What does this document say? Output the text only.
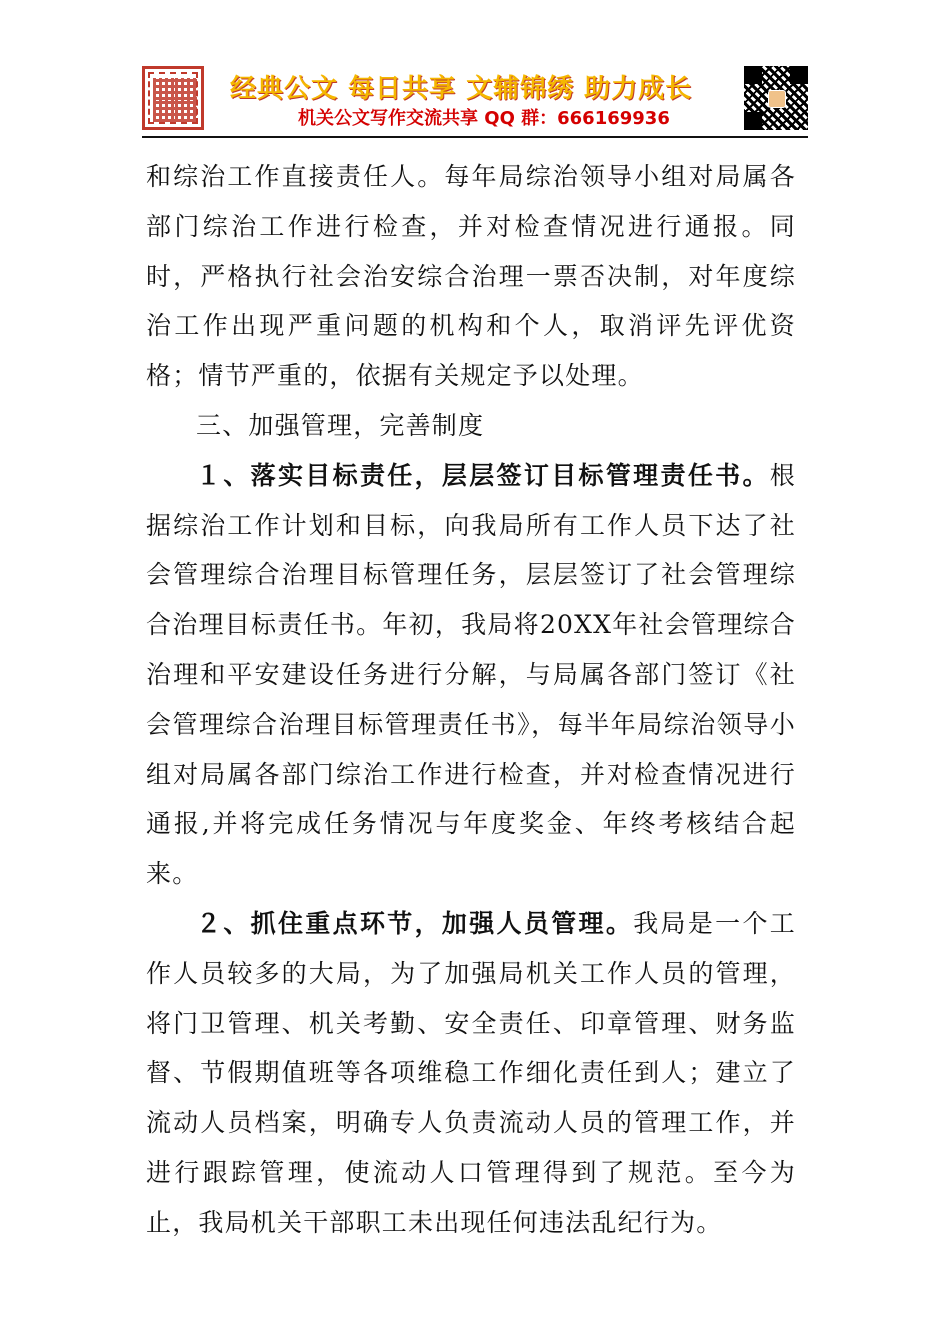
经典公文 每日共享 文辅锦绣 助力成长
机关公文写作交流共享 QQ 群：666169936

和综治工作直接责任人。每年局综治领导小组对局属各部门综治工作进行检查，并对检查情况进行通报。同时，严格执行社会治安综合治理一票否决制，对年度综治工作出现严重问题的机构和个人，取消评先评优资格；情节严重的，依据有关规定予以处理。

三、加强管理，完善制度

１、落实目标责任，层层签订目标管理责任书。根据综治工作计划和目标，向我局所有工作人员下达了社会管理综合治理目标管理任务，层层签订了社会管理综合治理目标责任书。年初，我局将20XX年社会管理综合治理和平安建设任务进行分解，与局属各部门签订《社会管理综合治理目标管理责任书》，每半年局综治领导小组对局属各部门综治工作进行检查，并对检查情况进行通报,并将完成任务情况与年度奖金、年终考核结合起来。

２、抓住重点环节，加强人员管理。我局是一个工作人员较多的大局，为了加强局机关工作人员的管理，将门卫管理、机关考勤、安全责任、印章管理、财务监督、节假期值班等各项维稳工作细化责任到人；建立了流动人员档案，明确专人负责流动人员的管理工作，并进行跟踪管理，使流动人口管理得到了规范。至今为止，我局机关干部职工未出现任何违法乱纪行为。
